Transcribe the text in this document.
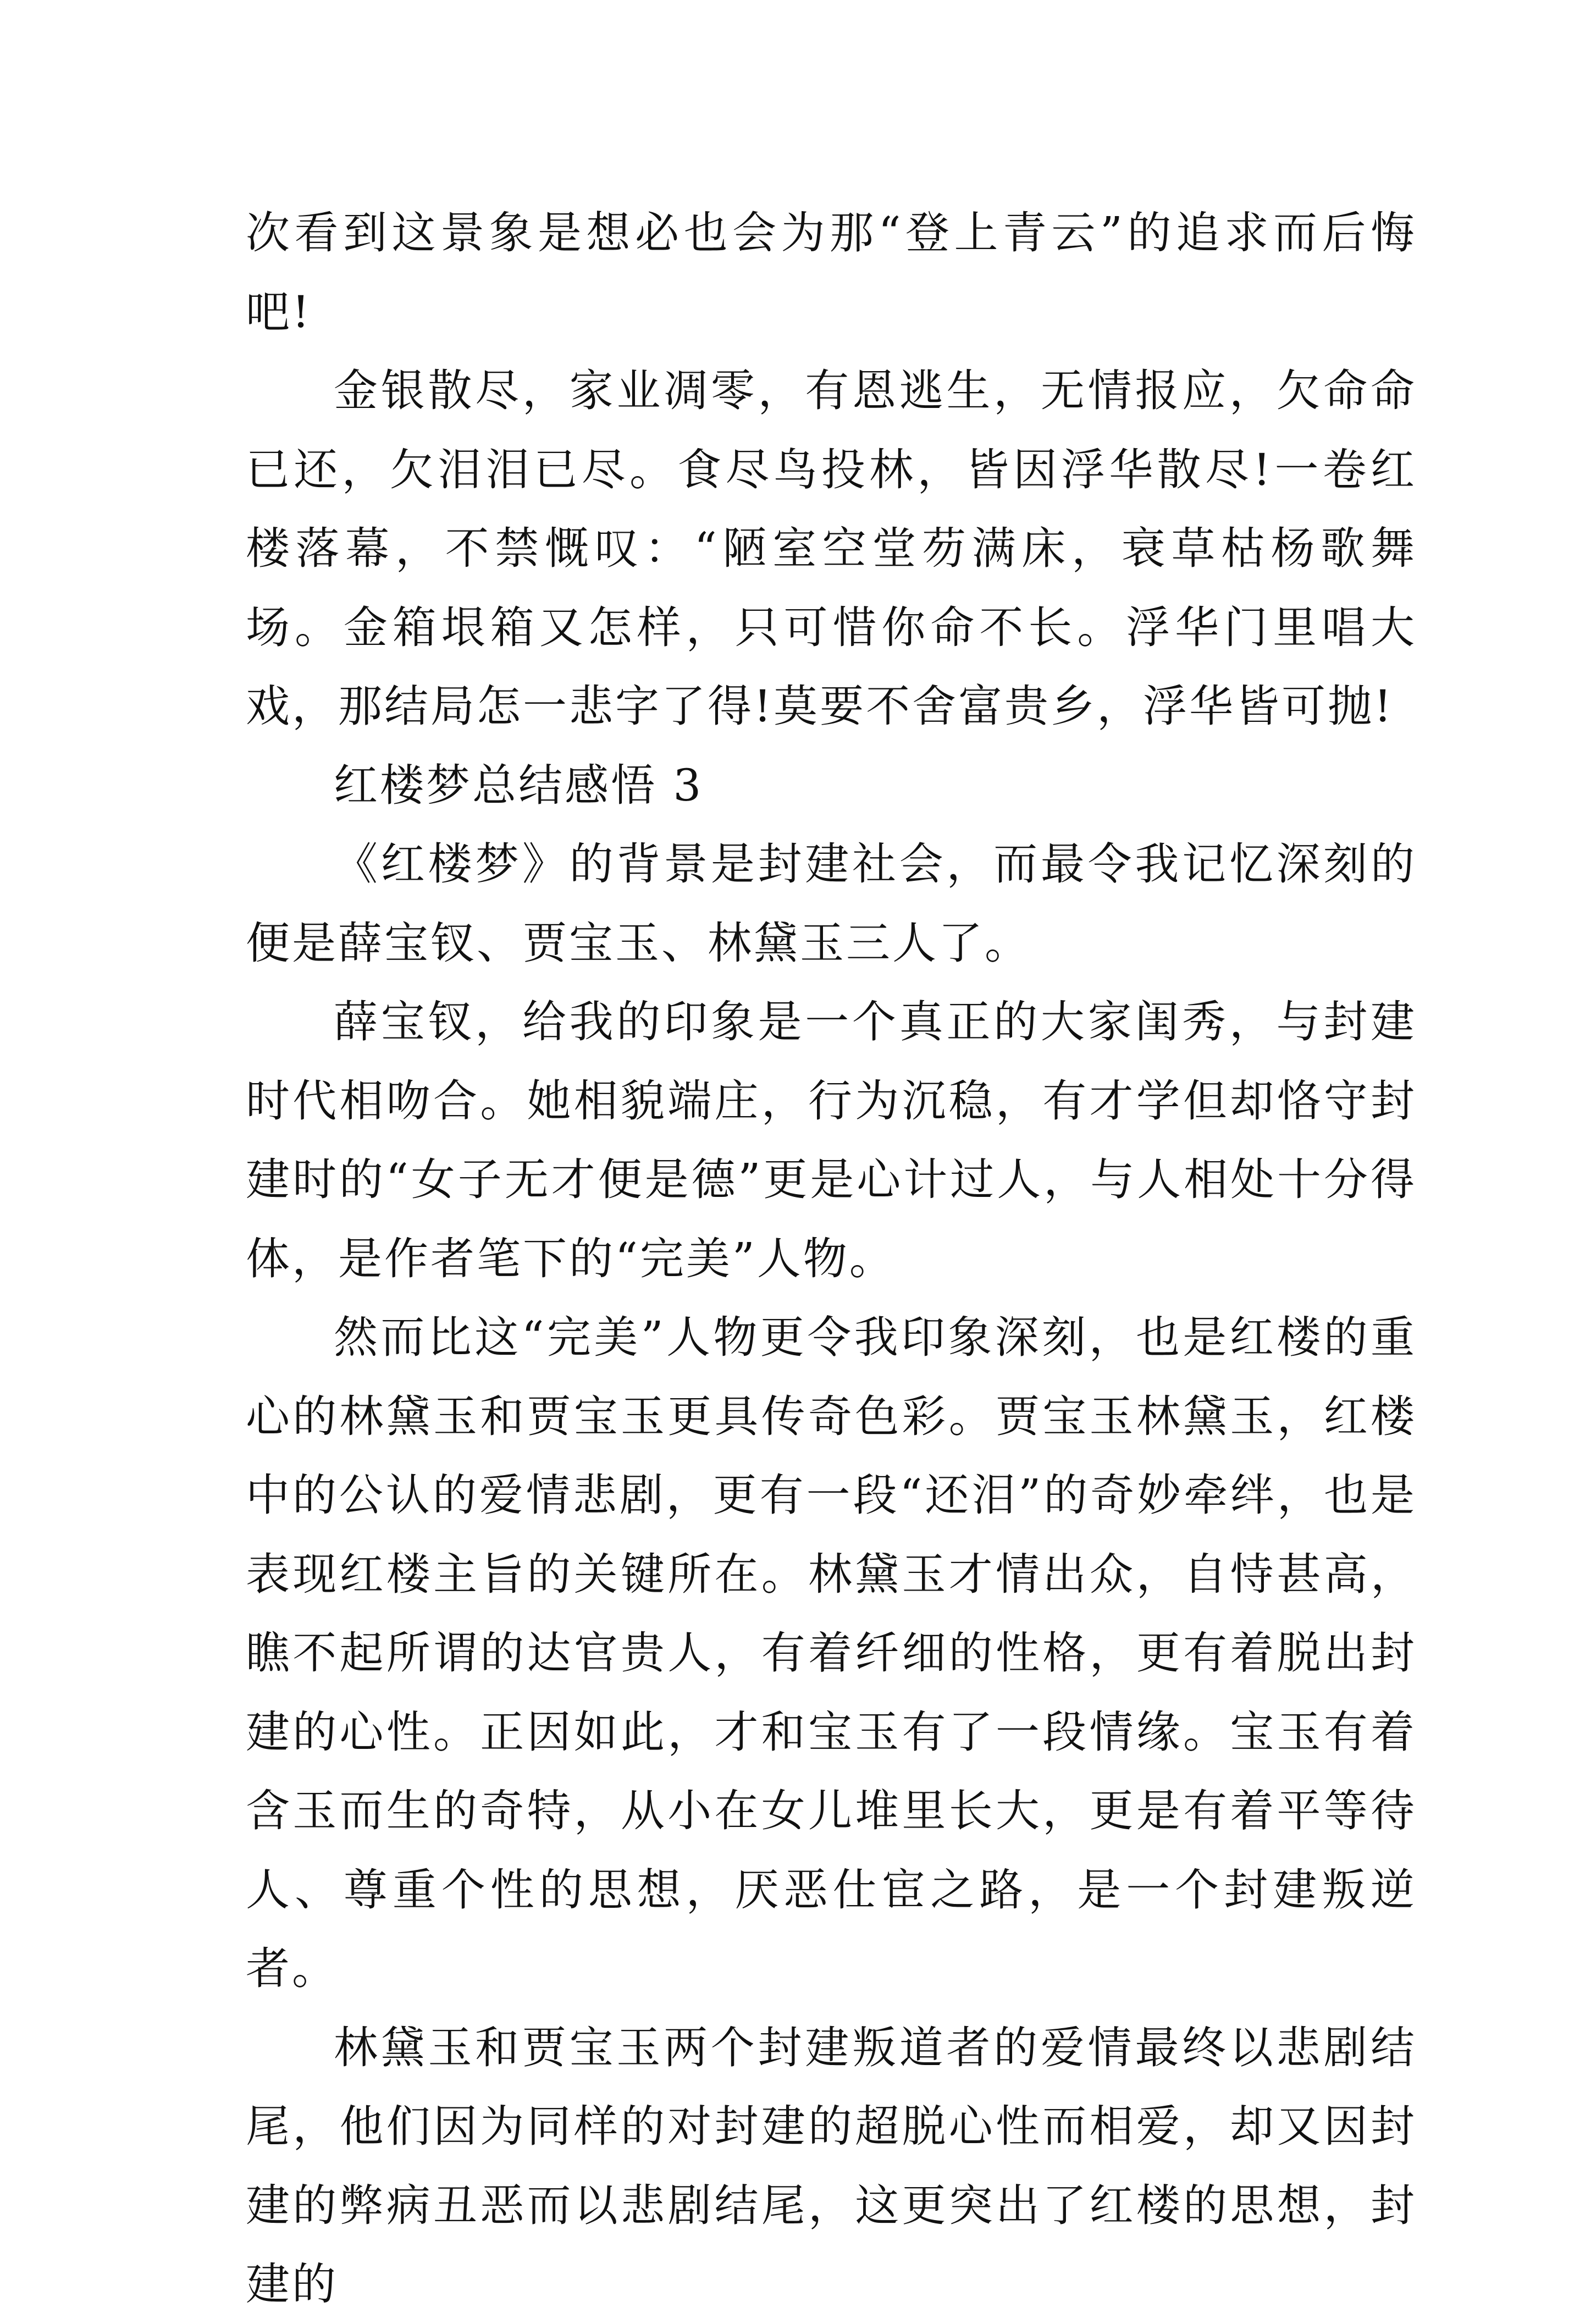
次看到这景象是想必也会为那“登上青云”的追求而后悔吧!

金银散尽，家业凋零，有恩逃生，无情报应，欠命命已还，欠泪泪已尽。食尽鸟投林，皆因浮华散尽!一卷红楼落幕，不禁慨叹：“陋室空堂芴满床，衰草枯杨歌舞场。金箱垠箱又怎样，只可惜你命不长。浮华门里唱大戏，那结局怎一悲字了得!莫要不舍富贵乡，浮华皆可抛!

红楼梦总结感悟 3

《红楼梦》的背景是封建社会，而最令我记忆深刻的便是薛宝钗、贾宝玉、林黛玉三人了。

薛宝钗，给我的印象是一个真正的大家闺秀，与封建时代相吻合。她相貌端庄，行为沉稳，有才学但却恪守封建时的“女子无才便是德”更是心计过人，与人相处十分得体，是作者笔下的“完美”人物。

然而比这“完美”人物更令我印象深刻，也是红楼的重心的林黛玉和贾宝玉更具传奇色彩。贾宝玉林黛玉，红楼中的公认的爱情悲剧，更有一段“还泪”的奇妙牵绊，也是表现红楼主旨的关键所在。林黛玉才情出众，自恃甚高，瞧不起所谓的达官贵人，有着纤细的性格，更有着脱出封建的心性。正因如此，才和宝玉有了一段情缘。宝玉有着含玉而生的奇特，从小在女儿堆里长大，更是有着平等待人、尊重个性的思想，厌恶仕宦之路，是一个封建叛逆者。

林黛玉和贾宝玉两个封建叛道者的爱情最终以悲剧结尾，他们因为同样的对封建的超脱心性而相爱，却又因封建的弊病丑恶而以悲剧结尾，这更突出了红楼的思想，封建的
